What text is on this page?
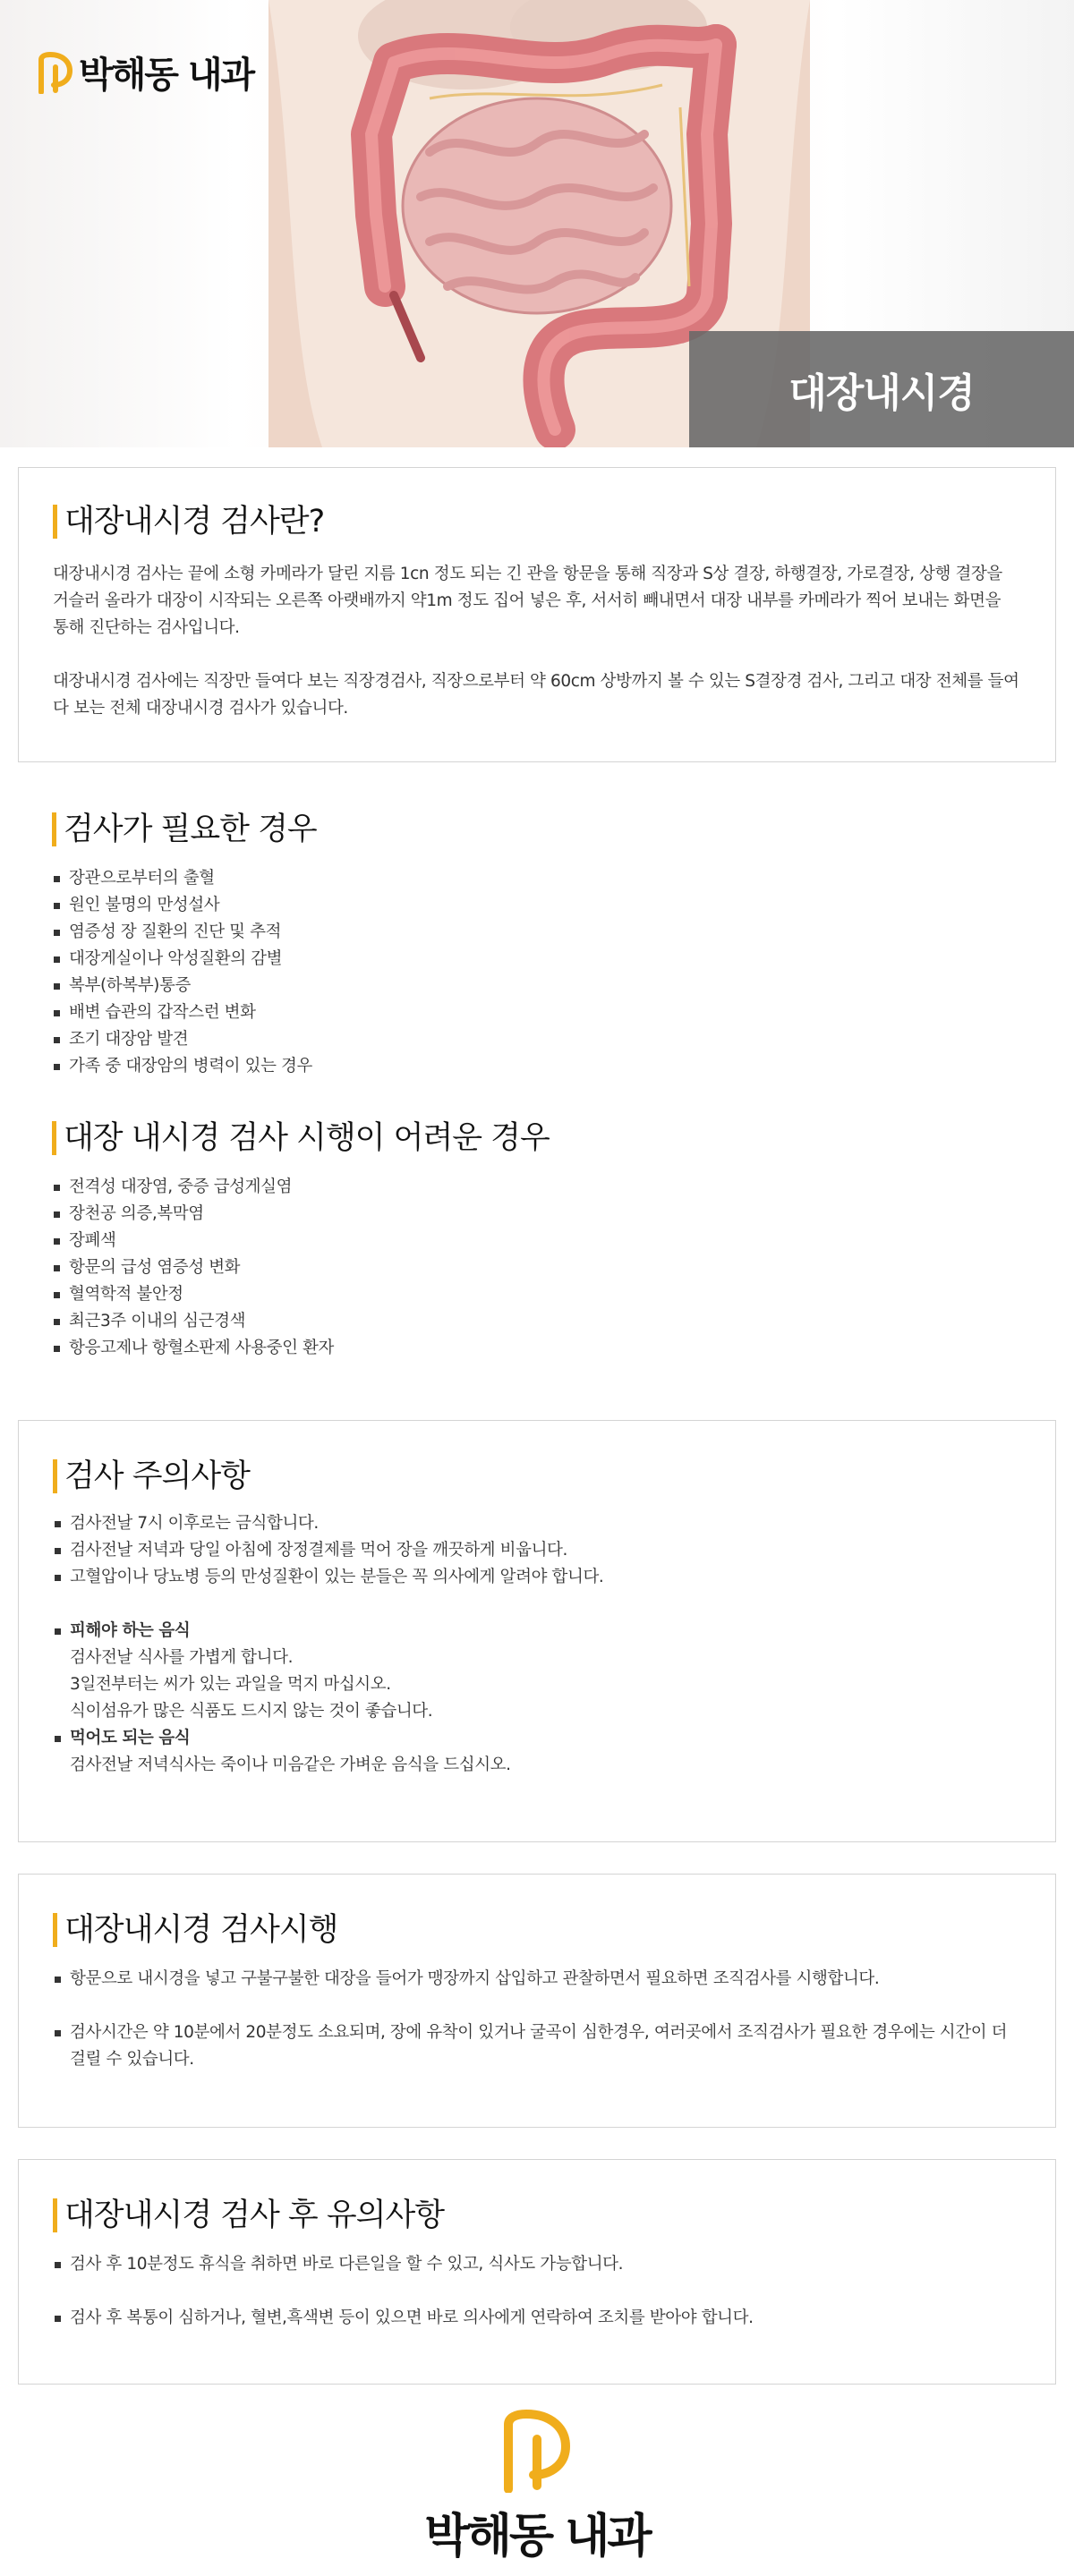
박해동 내과
대장내시경
대장내시경 검사란?

대장내시경 검사는 끝에 소형 카메라가 달린 지름 1cn 정도 되는 긴 관을 항문을 통해 직장과 S상 결장, 하행결장, 가로결장, 상행 결장을 거슬러 올라가 대장이 시작되는 오른쪽 아랫배까지 약1m 정도 집어 넣은 후, 서서히 빼내면서 대장 내부를 카메라가 찍어 보내는 화면을 통해 진단하는 검사입니다.

대장내시경 검사에는 직장만 들여다 보는 직장경검사, 직장으로부터 약 60cm 상방까지 볼 수 있는 S결장경 검사, 그리고 대장 전체를 들여다 보는 전체 대장내시경 검사가 있습니다.

검사가 필요한 경우
장관으로부터의 출혈
원인 불명의 만성설사
염증성 장 질환의 진단 및 추적
대장게실이나 악성질환의 감별
복부(하복부)통증
배변 습관의 갑작스런 변화
조기 대장암 발견
가족 중 대장암의 병력이 있는 경우
대장 내시경 검사 시행이 어려운 경우
전격성 대장염, 중증 급성게실염
장천공 의증,복막염
장폐색
항문의 급성 염증성 변화
혈역학적 불안정
최근3주 이내의 심근경색
항응고제나 항혈소판제 사용중인 환자
검사 주의사항
검사전날 7시 이후로는 금식합니다.
검사전날 저녁과 당일 아침에 장정결제를 먹어 장을 깨끗하게 비웁니다.
고혈압이나 당뇨병 등의 만성질환이 있는 분들은 꼭 의사에게 알려야 합니다.
피해야 하는 음식
검사전날 식사를 가볍게 합니다.
3일전부터는 씨가 있는 과일을 먹지 마십시오.
식이섬유가 많은 식품도 드시지 않는 것이 좋습니다.
먹어도 되는 음식
검사전날 저녁식사는 죽이나 미음같은 가벼운 음식을 드십시오.
대장내시경 검사시행
항문으로 내시경을 넣고 구불구불한 대장을 들어가 맹장까지 삽입하고 관찰하면서 필요하면 조직검사를 시행합니다.
검사시간은 약 10분에서 20분정도 소요되며, 장에 유착이 있거나 굴곡이 심한경우, 여러곳에서 조직검사가 필요한 경우에는 시간이 더 걸릴 수 있습니다.
대장내시경 검사 후 유의사항
검사 후 10분정도 휴식을 취하면 바로 다른일을 할 수 있고, 식사도 가능합니다.
검사 후 복통이 심하거나, 혈변,흑색변 등이 있으면 바로 의사에게 연락하여 조치를 받아야 합니다.
박해동 내과
